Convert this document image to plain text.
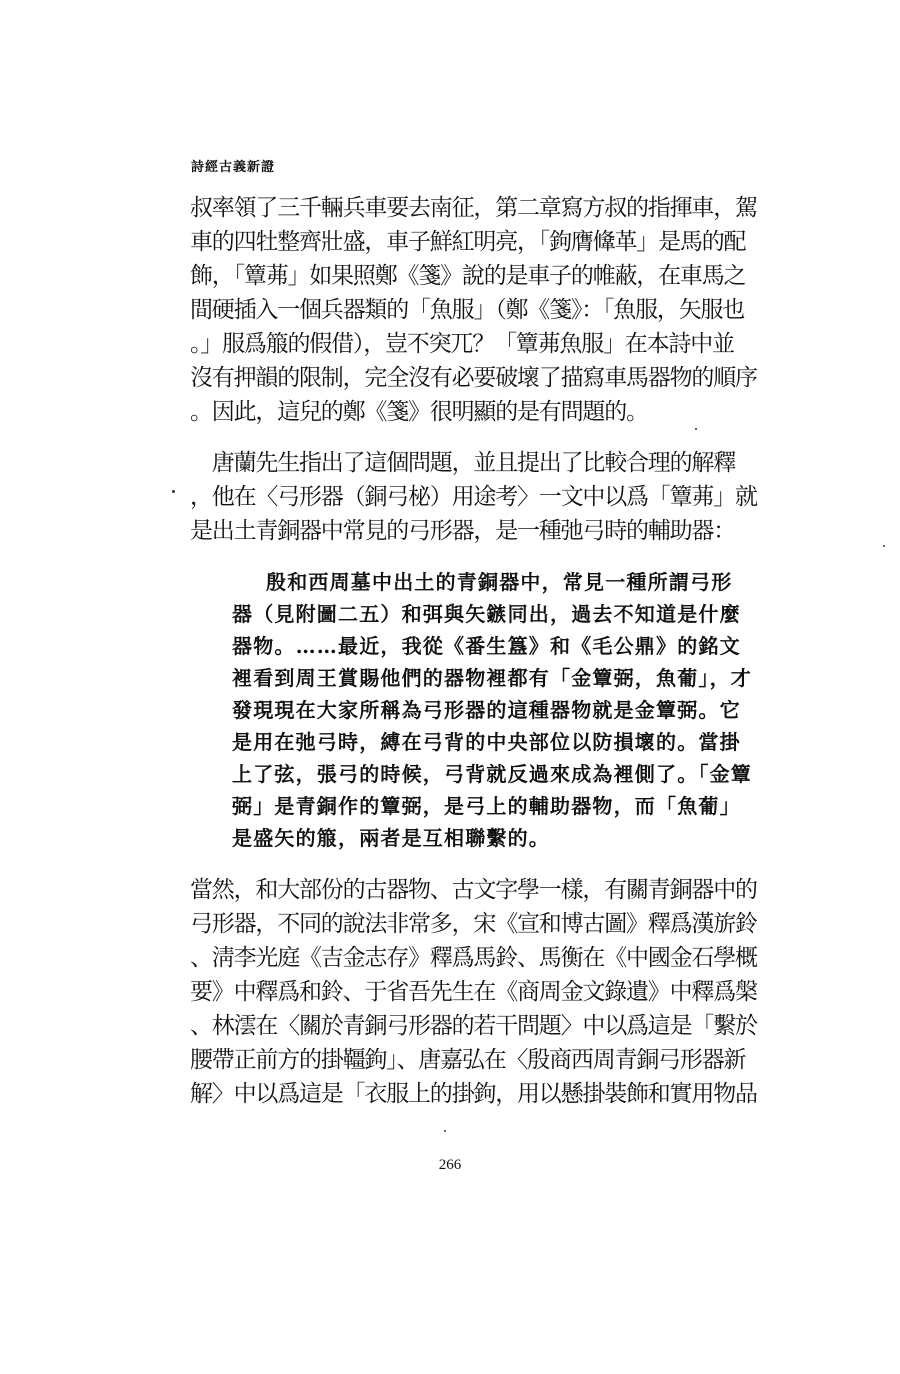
詩經古義新證
叔率領了三千輛兵車要去南征，第二章寫方叔的指揮車，駕
車的四牡整齊壯盛，車子鮮紅明亮，「鉤膺鞗革」是馬的配
飾，「簟茀」如果照鄭《箋》說的是車子的帷蔽，在車馬之
間硬插入一個兵器類的「魚服」（鄭《箋》：「魚服，矢服也
。」服爲箙的假借），豈不突兀？「簟茀魚服」在本詩中並
沒有押韻的限制，完全沒有必要破壞了描寫車馬器物的順序
。因此，這兒的鄭《箋》很明顯的是有問題的。
　唐蘭先生指出了這個問題，並且提出了比較合理的解釋
，他在〈弓形器（銅弓柲）用途考〉一文中以爲「簟茀」就
是出土青銅器中常見的弓形器，是一種弛弓時的輔助器：
殷和西周墓中出土的青銅器中，常見一種所謂弓形
器（見附圖二五）和弭與矢鏃同出，過去不知道是什麼
器物。……最近，我從《番生簋》和《毛公鼎》的銘文
裡看到周王賞賜他們的器物裡都有「金簟弼，魚葡」，才
發現現在大家所稱為弓形器的這種器物就是金簟弼。它
是用在弛弓時，縛在弓背的中央部位以防損壞的。當掛
上了弦，張弓的時候，弓背就反過來成為裡側了。「金簟
弼」是青銅作的簟弼，是弓上的輔助器物，而「魚葡」
是盛矢的箙，兩者是互相聯繫的。
當然，和大部份的古器物、古文字學一樣，有關青銅器中的
弓形器，不同的說法非常多，宋《宣和博古圖》釋爲漢旂鈴
、淸李光庭《吉金志存》釋爲馬鈴、馬衡在《中國金石學概
要》中釋爲和鈴、于省吾先生在《商周金文錄遺》中釋爲槃
、林澐在〈關於青銅弓形器的若干問題〉中以爲這是「繫於
腰帶正前方的掛韁鉤」、唐嘉弘在〈殷商西周青銅弓形器新
解〉中以爲這是「衣服上的掛鉤，用以懸掛裝飾和實用物品
266
